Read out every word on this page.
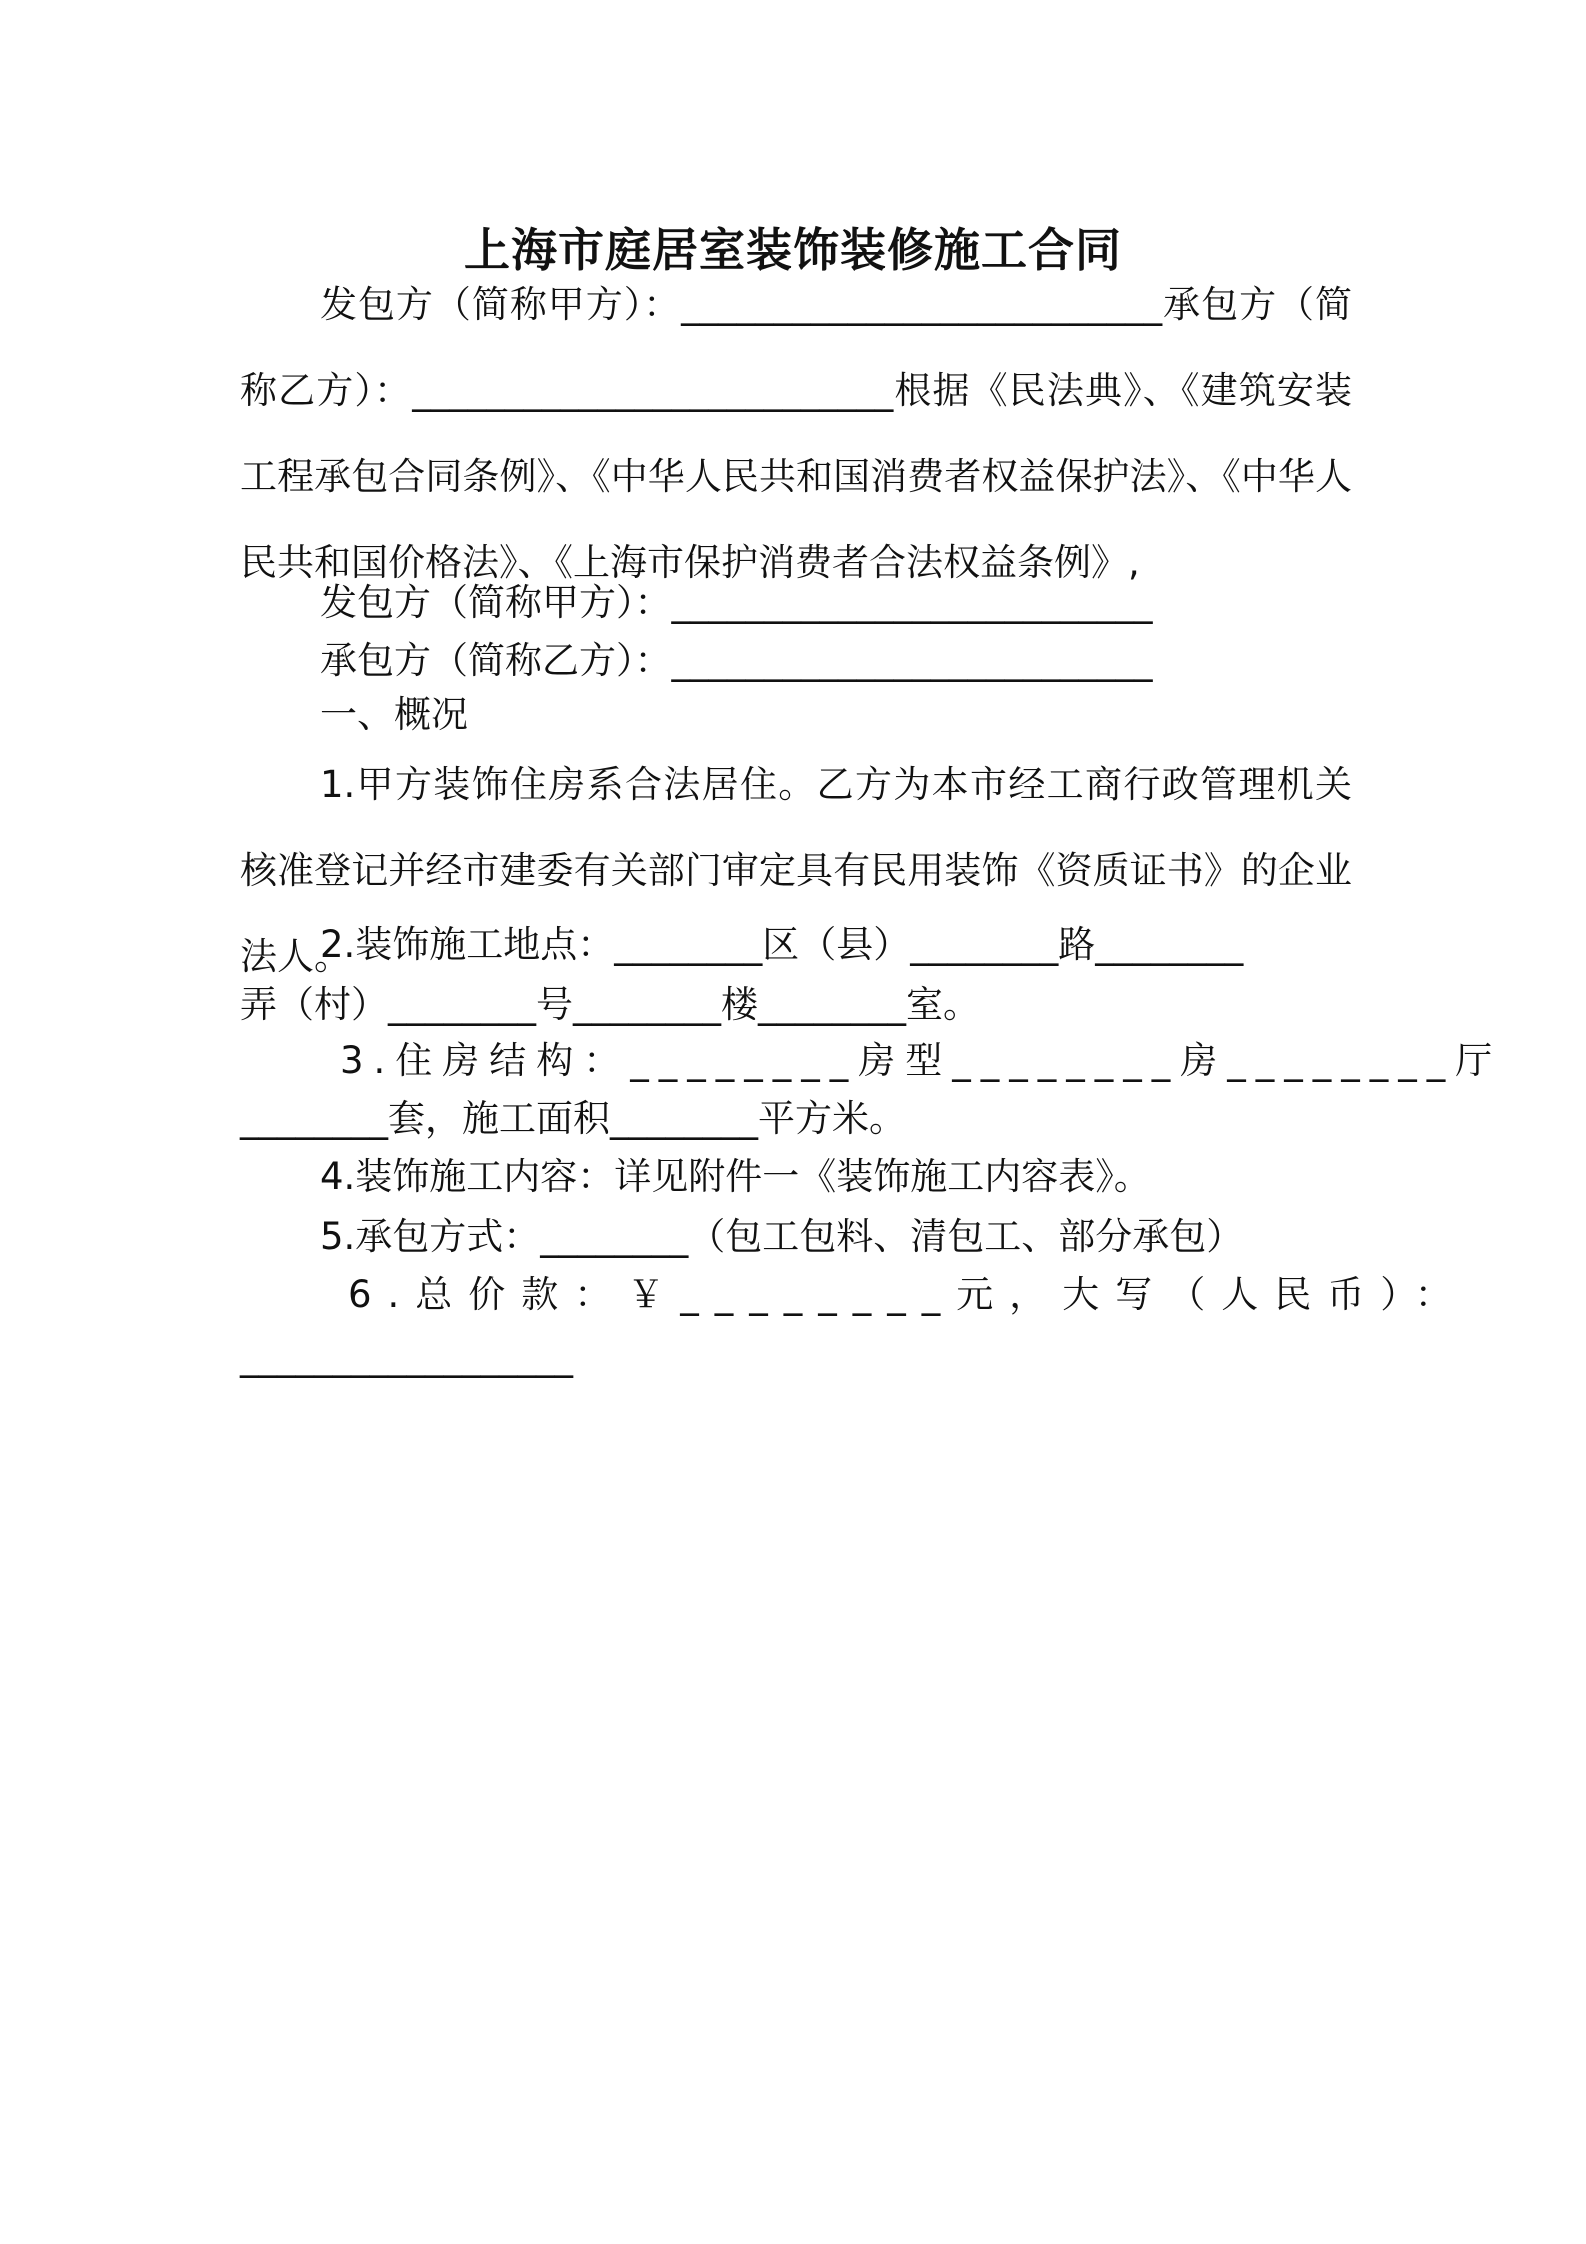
上海市庭居室装饰装修施工合同

发包方（简称甲方）：__________________________承包方（简称乙方）：__________________________根据《民法典》、《建筑安装工程承包合同条例》、《中华人民共和国消费者权益保护法》、《中华人民共和国价格法》、《上海市保护消费者合法权益条例》,

发包方（简称甲方）：__________________________
承包方（简称乙方）：__________________________
一、概况

1.甲方装饰住房系合法居住。乙方为本市经工商行政管理机关核准登记并经市建委有关部门审定具有民用装饰《资质证书》的企业法人。

2.装饰施工地点：________区（县）________路________
弄（村）________号________楼________室。
3.住房结构：________房型________房________厅
________套，施工面积________平方米。
4.装饰施工内容：详见附件一《装饰施工内容表》。
5.承包方式：________（包工包料、清包工、部分承包）
6.总价款：￥________元，大写（人民币）：
__________________
